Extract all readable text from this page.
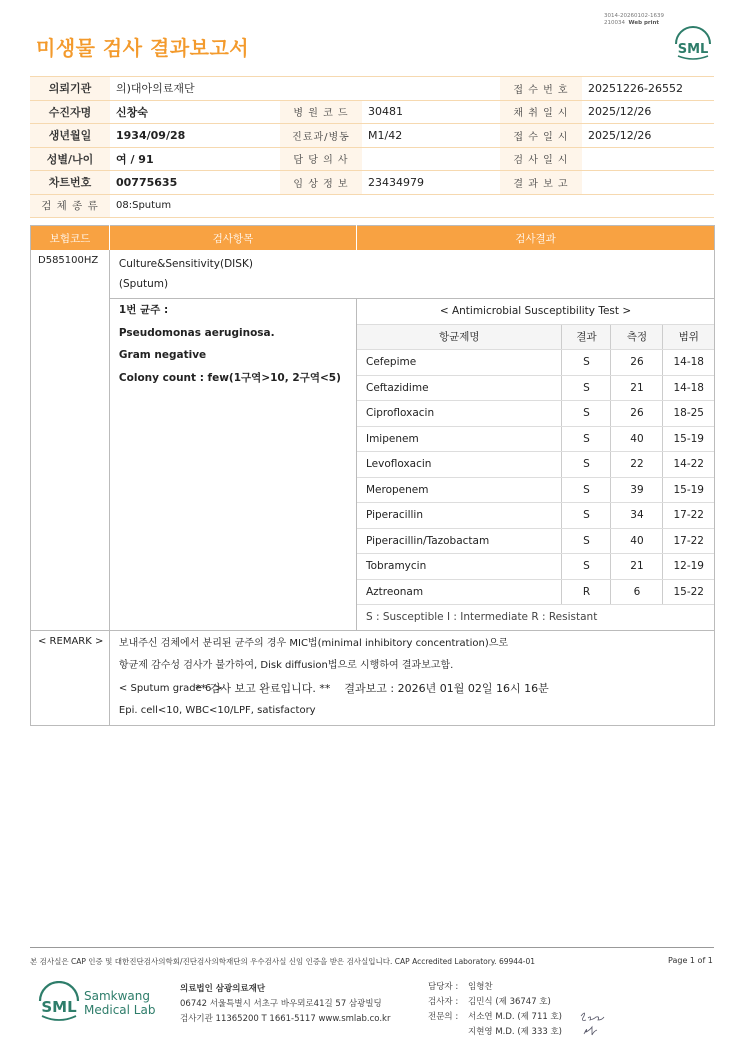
미생물 검사 결과보고서
3014-20260102-1639
210034 Web print
SML
의뢰기관	의)대아의료재단			접 수 번 호	20251226-26552
수진자명	신창숙	병 원 코 드	30481	채 취 일 시	2025/12/26
생년월일	1934/09/28	진료과/병동	M1/42	접 수 일 시	2025/12/26
성별/나이	여 / 91	담 당 의 사		검 사 일 시	
차트번호	00775635	임 상 정 보	23434979	결 과 보 고	
검 체 종 류	08:Sputum				
보험코드	검사항목	검사결과
D585100HZ	Culture&Sensitivity(DISK)
(Sputum)

1번 균주 :
Pseudomonas aeruginosa.
Gram negative
Colony count : few(1구역>10, 2구역<5)

< Antimicrobial Susceptibility Test >
항균제명	결과	측정	범위
Cefepime	S	26	14-18
Ceftazidime	S	21	14-18
Ciprofloxacin	S	26	18-25
Imipenem	S	40	15-19
Levofloxacin	S	22	14-22
Meropenem	S	39	15-19
Piperacillin	S	34	17-22
Piperacillin/Tazobactam	S	40	17-22
Tobramycin	S	21	12-19
Aztreonam	R	6	15-22
S : Susceptible I : Intermediate R : Resistant

< REMARK >	보내주신 검체에서 분리된 균주의 경우 MIC법(minimal inhibitory concentration)으로
항균제 감수성 검사가 불가하여, Disk diffusion법으로 시행하여 결과보고함.
< Sputum grade 6 >
Epi. cell<10, WBC<10/LPF, satisfactory
** 검사 보고 완료입니다. **    결과보고 : 2026년 01월 02일 16시 16분
본 검사실은 CAP 인증 및 대한진단검사의학회/진단검사의학재단의 우수검사실 신임 인증을 받은 검사실입니다. CAP Accredited Laboratory. 69944-01	Page 1 of 1
SML
Samkwang
Medical Lab
의료법인 삼광의료재단
06742 서울특별시 서초구 바우뫼로41길 57 삼광빌딩
검사기관 11365200 T 1661-5117 www.smlab.co.kr
담당자 : 임형찬
검사자 : 김민식 (제 36747 호)
전문의 : 서소연 M.D. (제 711 호)
지현영 M.D. (제 333 호)
